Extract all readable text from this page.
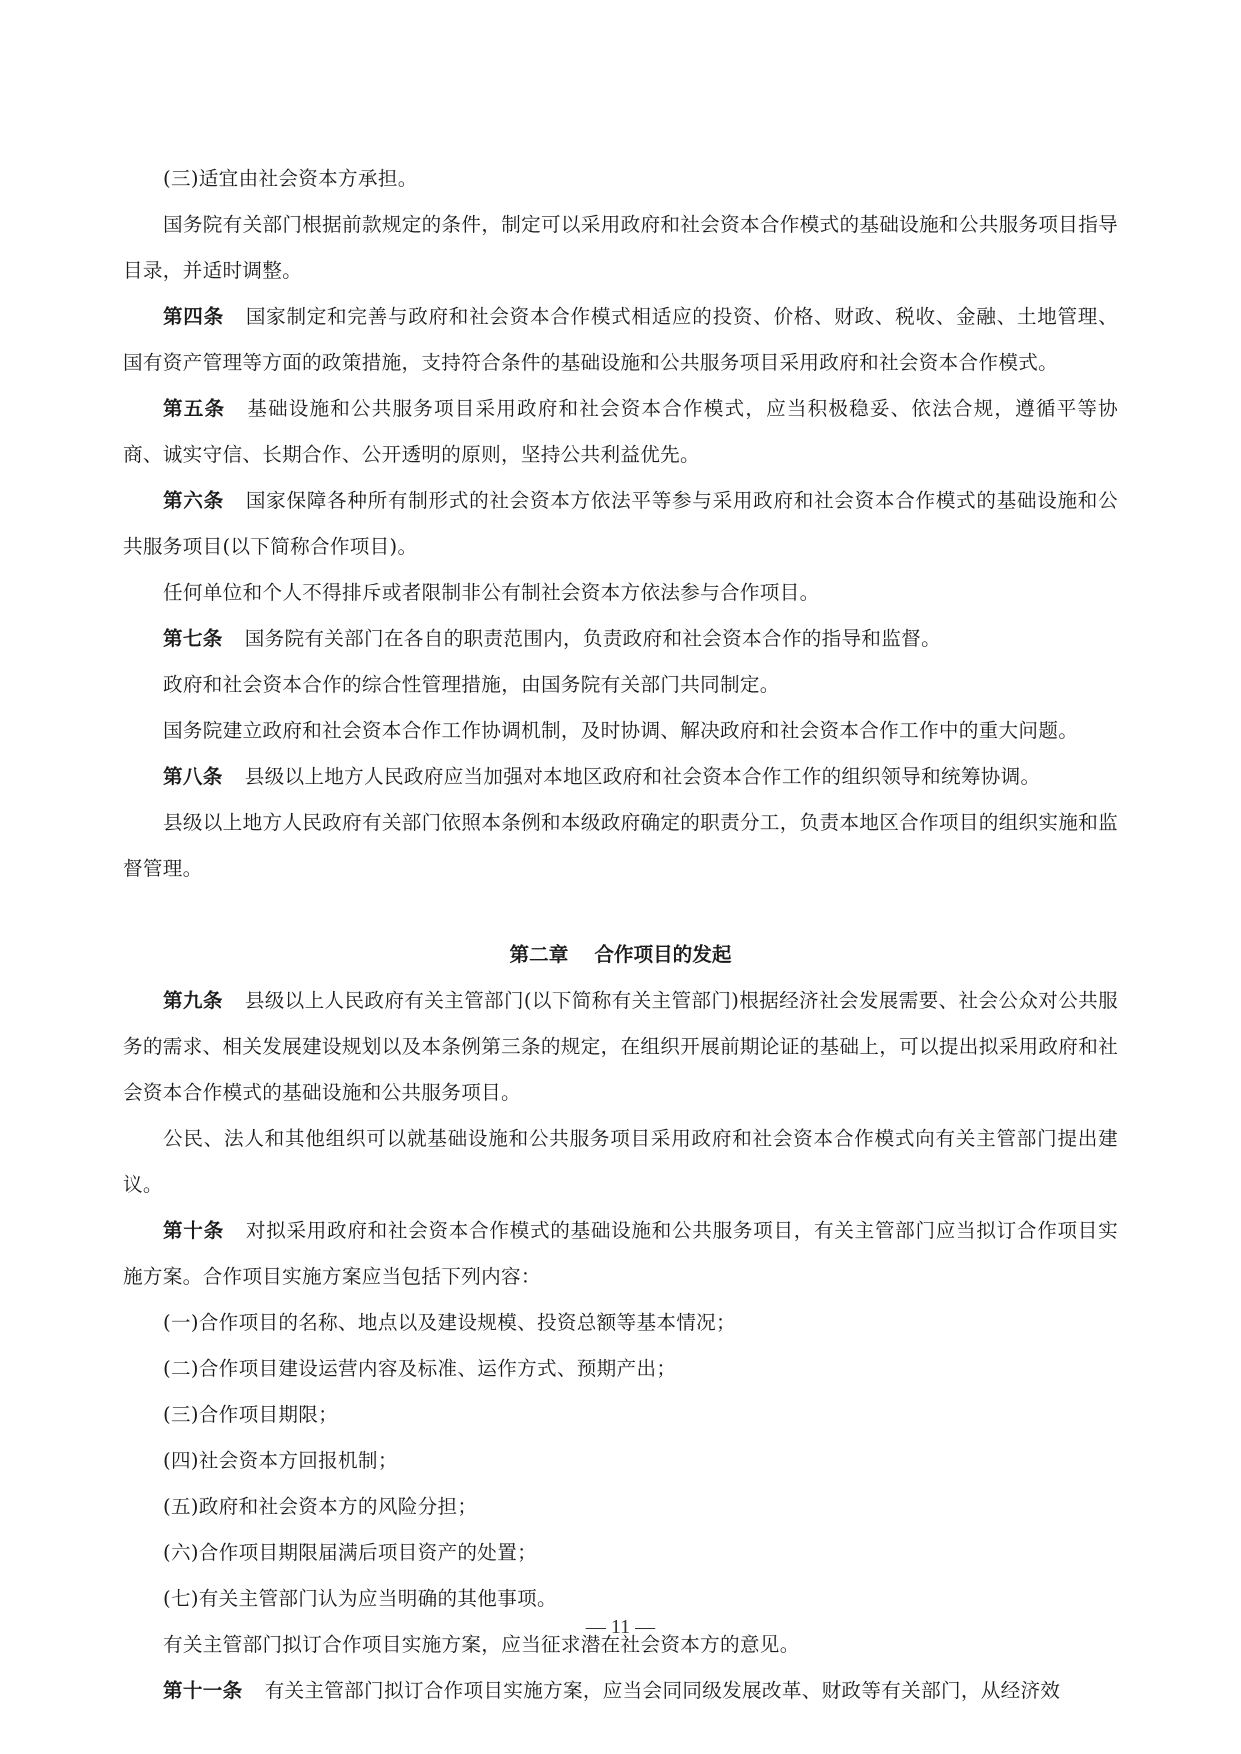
(三)适宜由社会资本方承担。

国务院有关部门根据前款规定的条件，制定可以采用政府和社会资本合作模式的基础设施和公共服务项目指导目录，并适时调整。

第四条 国家制定和完善与政府和社会资本合作模式相适应的投资、价格、财政、税收、金融、土地管理、国有资产管理等方面的政策措施，支持符合条件的基础设施和公共服务项目采用政府和社会资本合作模式。

第五条 基础设施和公共服务项目采用政府和社会资本合作模式，应当积极稳妥、依法合规，遵循平等协商、诚实守信、长期合作、公开透明的原则，坚持公共利益优先。

第六条 国家保障各种所有制形式的社会资本方依法平等参与采用政府和社会资本合作模式的基础设施和公共服务项目(以下简称合作项目)。

任何单位和个人不得排斥或者限制非公有制社会资本方依法参与合作项目。

第七条 国务院有关部门在各自的职责范围内，负责政府和社会资本合作的指导和监督。

政府和社会资本合作的综合性管理措施，由国务院有关部门共同制定。

国务院建立政府和社会资本合作工作协调机制，及时协调、解决政府和社会资本合作工作中的重大问题。

第八条 县级以上地方人民政府应当加强对本地区政府和社会资本合作工作的组织领导和统筹协调。

县级以上地方人民政府有关部门依照本条例和本级政府确定的职责分工，负责本地区合作项目的组织实施和监督管理。

第二章 合作项目的发起

第九条 县级以上人民政府有关主管部门(以下简称有关主管部门)根据经济社会发展需要、社会公众对公共服务的需求、相关发展建设规划以及本条例第三条的规定，在组织开展前期论证的基础上，可以提出拟采用政府和社会资本合作模式的基础设施和公共服务项目。

公民、法人和其他组织可以就基础设施和公共服务项目采用政府和社会资本合作模式向有关主管部门提出建议。

第十条 对拟采用政府和社会资本合作模式的基础设施和公共服务项目，有关主管部门应当拟订合作项目实施方案。合作项目实施方案应当包括下列内容：

(一)合作项目的名称、地点以及建设规模、投资总额等基本情况；

(二)合作项目建设运营内容及标准、运作方式、预期产出；

(三)合作项目期限；

(四)社会资本方回报机制；

(五)政府和社会资本方的风险分担；

(六)合作项目期限届满后项目资产的处置；

(七)有关主管部门认为应当明确的其他事项。

有关主管部门拟订合作项目实施方案，应当征求潜在社会资本方的意见。

第十一条 有关主管部门拟订合作项目实施方案，应当会同同级发展改革、财政等有关部门，从经济效

— 11 —
